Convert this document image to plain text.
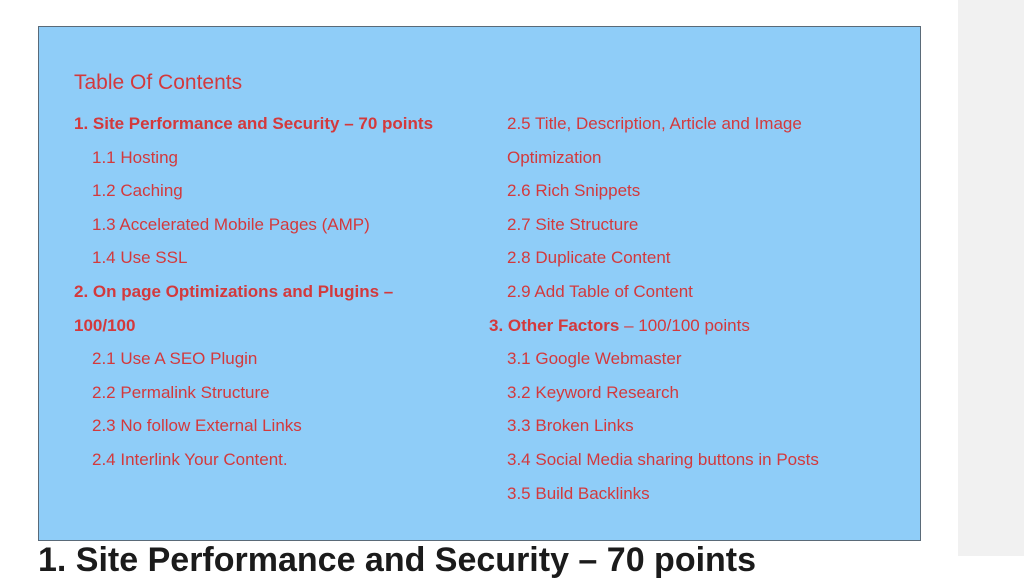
Table Of Contents
1. Site Performance and Security – 70 points
1.1 Hosting
1.2 Caching
1.3 Accelerated Mobile Pages (AMP)
1.4 Use SSL
2. On page Optimizations and Plugins –
100/100
2.1 Use A SEO Plugin
2.2 Permalink Structure
2.3 No follow External Links
2.4 Interlink Your Content.
2.5 Title, Description, Article and Image
Optimization
2.6 Rich Snippets
2.7 Site Structure
2.8 Duplicate Content
2.9 Add Table of Content
3. Other Factors – 100/100 points
3.1 Google Webmaster
3.2 Keyword Research
3.3 Broken Links
3.4 Social Media sharing buttons in Posts
3.5 Build Backlinks
1. Site Performance and Security – 70 points
